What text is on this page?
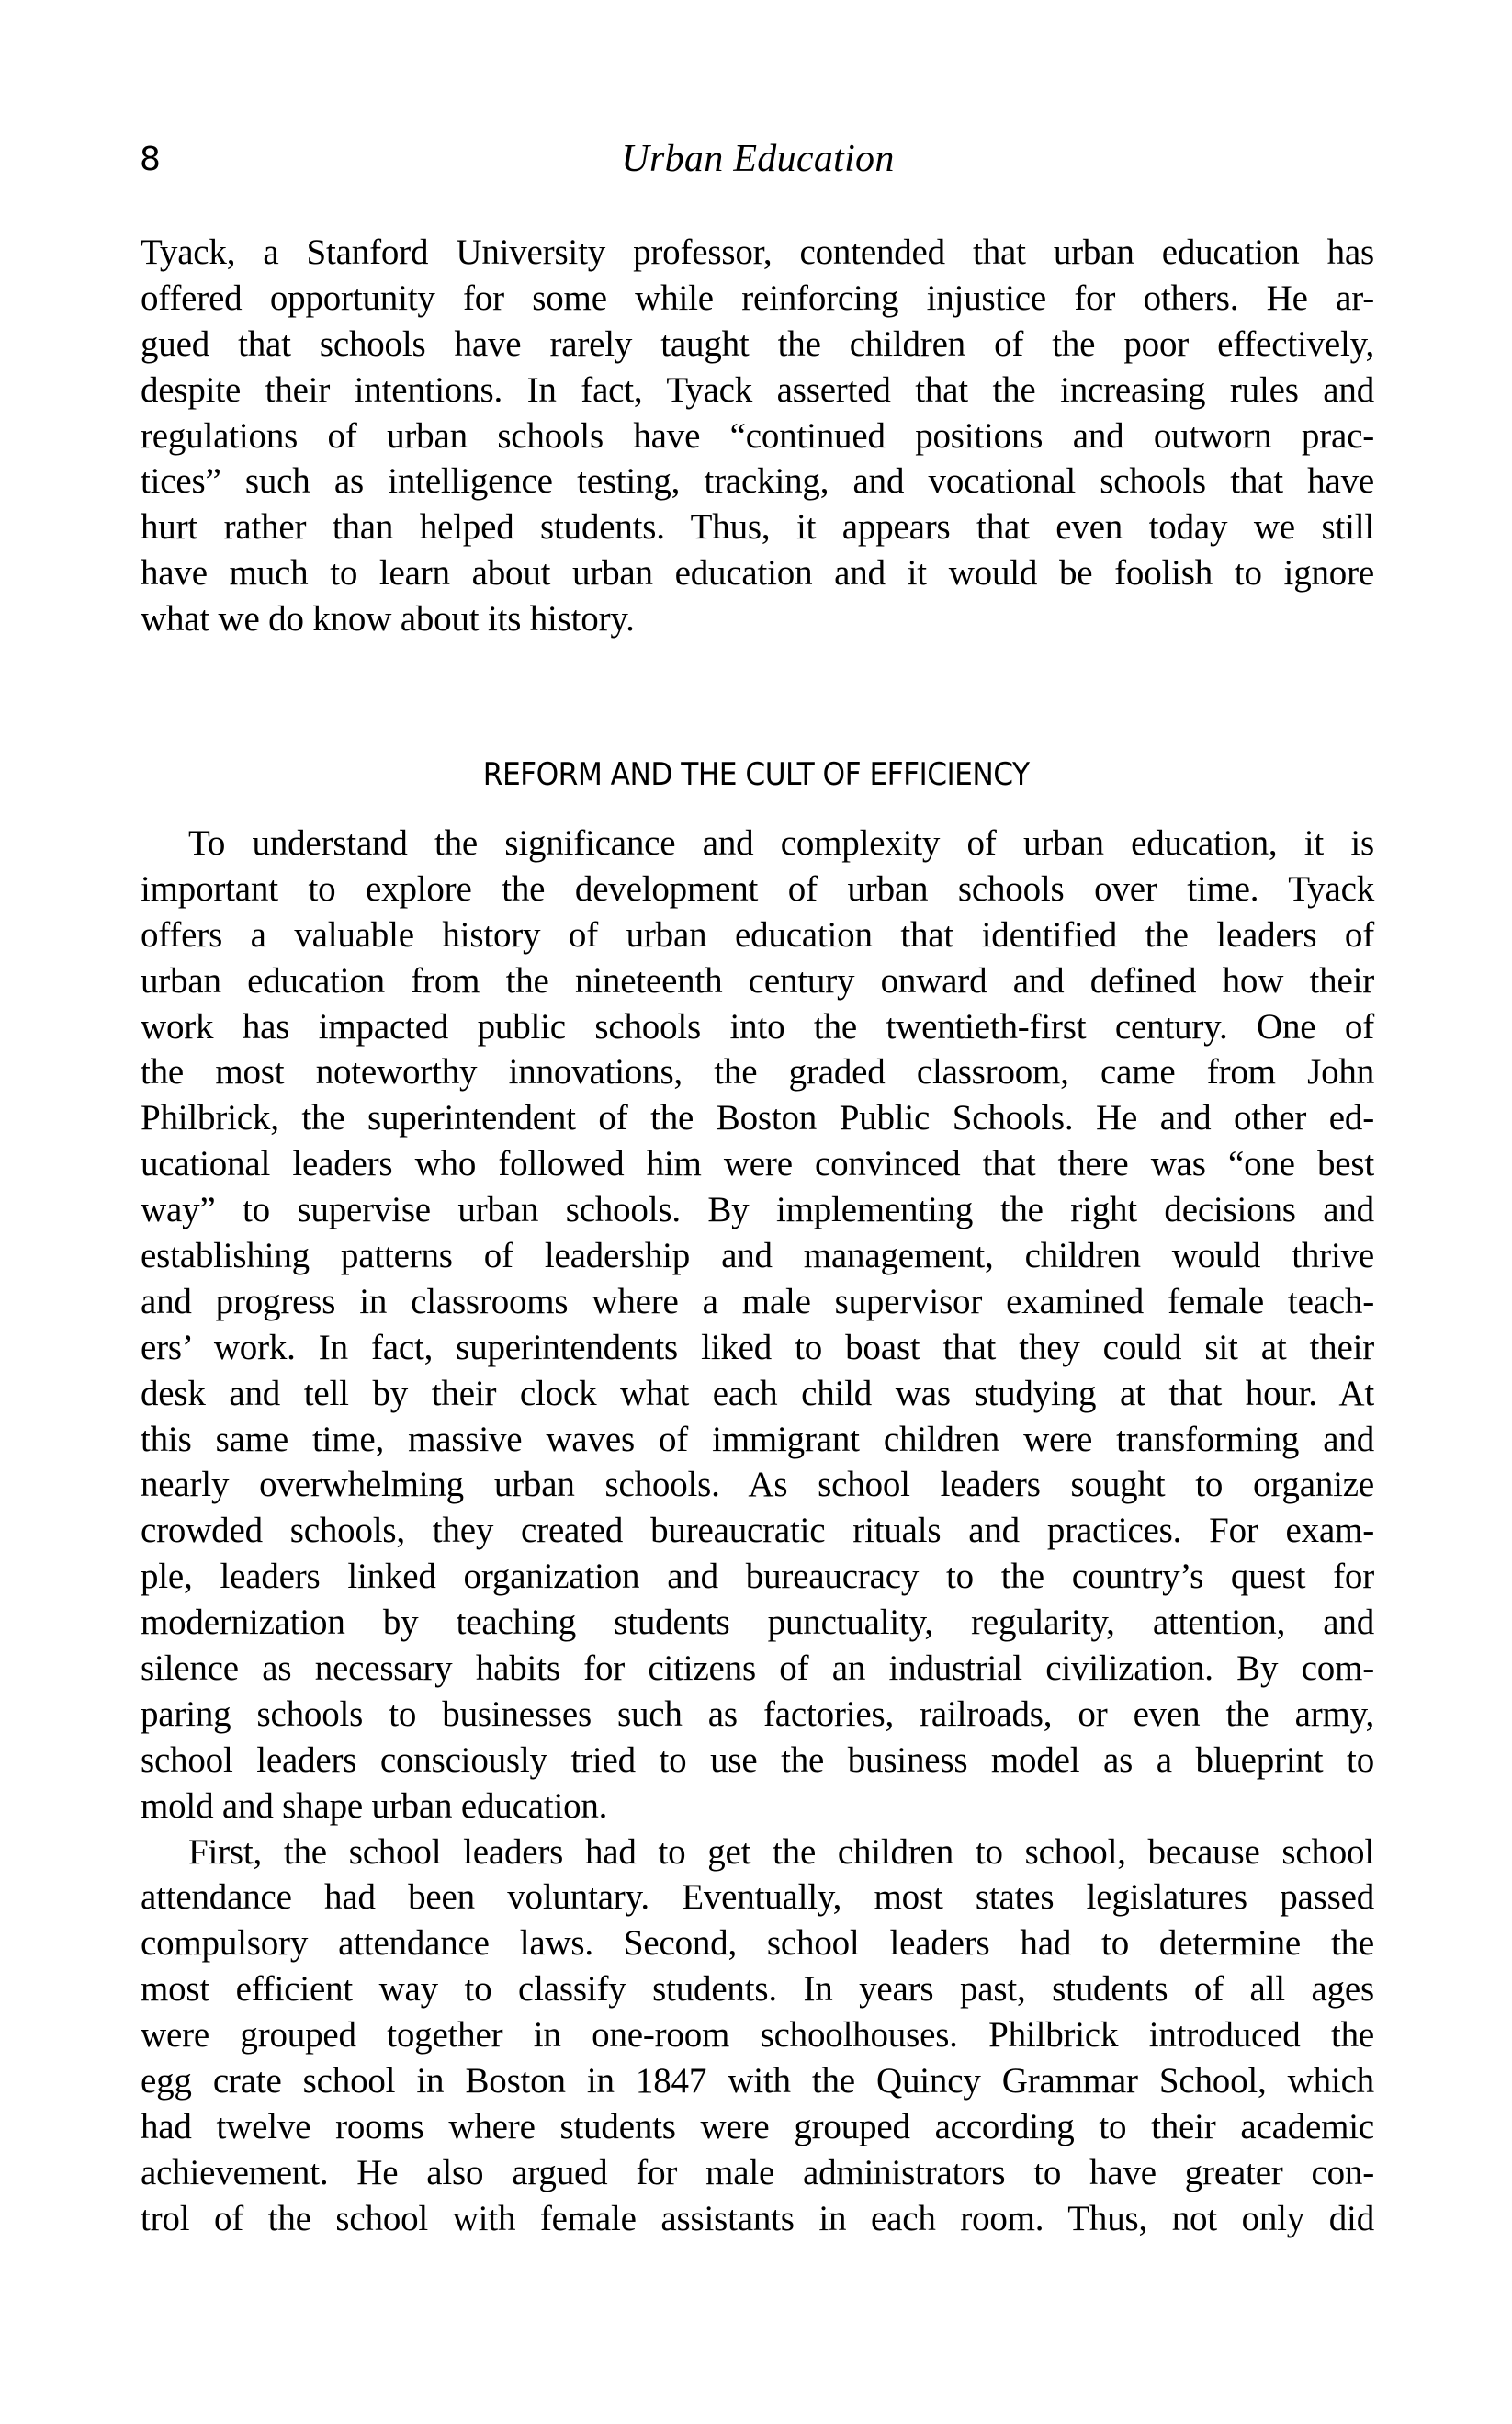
8	Urban Education
Tyack, a Stanford University professor, contended that urban education has
offered opportunity for some while reinforcing injustice for others. He ar-
gued that schools have rarely taught the children of the poor effectively,
despite their intentions. In fact, Tyack asserted that the increasing rules and
regulations of urban schools have “continued positions and outworn prac-
tices” such as intelligence testing, tracking, and vocational schools that have
hurt rather than helped students. Thus, it appears that even today we still
have much to learn about urban education and it would be foolish to ignore
what we do know about its history.
REFORM AND THE CULT OF EFFICIENCY
To understand the significance and complexity of urban education, it is
important to explore the development of urban schools over time. Tyack
offers a valuable history of urban education that identified the leaders of
urban education from the nineteenth century onward and defined how their
work has impacted public schools into the twentieth-first century. One of
the most noteworthy innovations, the graded classroom, came from John
Philbrick, the superintendent of the Boston Public Schools. He and other ed-
ucational leaders who followed him were convinced that there was “one best
way” to supervise urban schools. By implementing the right decisions and
establishing patterns of leadership and management, children would thrive
and progress in classrooms where a male supervisor examined female teach-
ers’ work. In fact, superintendents liked to boast that they could sit at their
desk and tell by their clock what each child was studying at that hour. At
this same time, massive waves of immigrant children were transforming and
nearly overwhelming urban schools. As school leaders sought to organize
crowded schools, they created bureaucratic rituals and practices. For exam-
ple, leaders linked organization and bureaucracy to the country’s quest for
modernization by teaching students punctuality, regularity, attention, and
silence as necessary habits for citizens of an industrial civilization. By com-
paring schools to businesses such as factories, railroads, or even the army,
school leaders consciously tried to use the business model as a blueprint to
mold and shape urban education.
First, the school leaders had to get the children to school, because school
attendance had been voluntary. Eventually, most states legislatures passed
compulsory attendance laws. Second, school leaders had to determine the
most efficient way to classify students. In years past, students of all ages
were grouped together in one-room schoolhouses. Philbrick introduced the
egg crate school in Boston in 1847 with the Quincy Grammar School, which
had twelve rooms where students were grouped according to their academic
achievement. He also argued for male administrators to have greater con-
trol of the school with female assistants in each room. Thus, not only did
